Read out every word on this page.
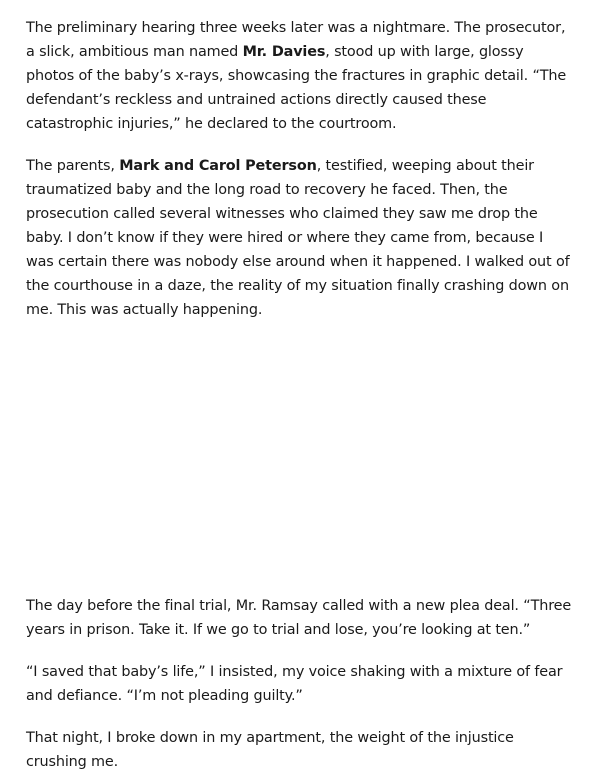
The preliminary hearing three weeks later was a nightmare. The prosecutor, a slick, ambitious man named Mr. Davies, stood up with large, glossy photos of the baby’s x-rays, showcasing the fractures in graphic detail. “The defendant’s reckless and untrained actions directly caused these catastrophic injuries,” he declared to the courtroom.

The parents, Mark and Carol Peterson, testified, weeping about their traumatized baby and the long road to recovery he faced. Then, the prosecution called several witnesses who claimed they saw me drop the baby. I don’t know if they were hired or where they came from, because I was certain there was nobody else around when it happened. I walked out of the courthouse in a daze, the reality of my situation finally crashing down on me. This was actually happening.

The day before the final trial, Mr. Ramsay called with a new plea deal. “Three years in prison. Take it. If we go to trial and lose, you’re looking at ten.”

“I saved that baby’s life,” I insisted, my voice shaking with a mixture of fear and defiance. “I’m not pleading guilty.”

That night, I broke down in my apartment, the weight of the injustice crushing me.
